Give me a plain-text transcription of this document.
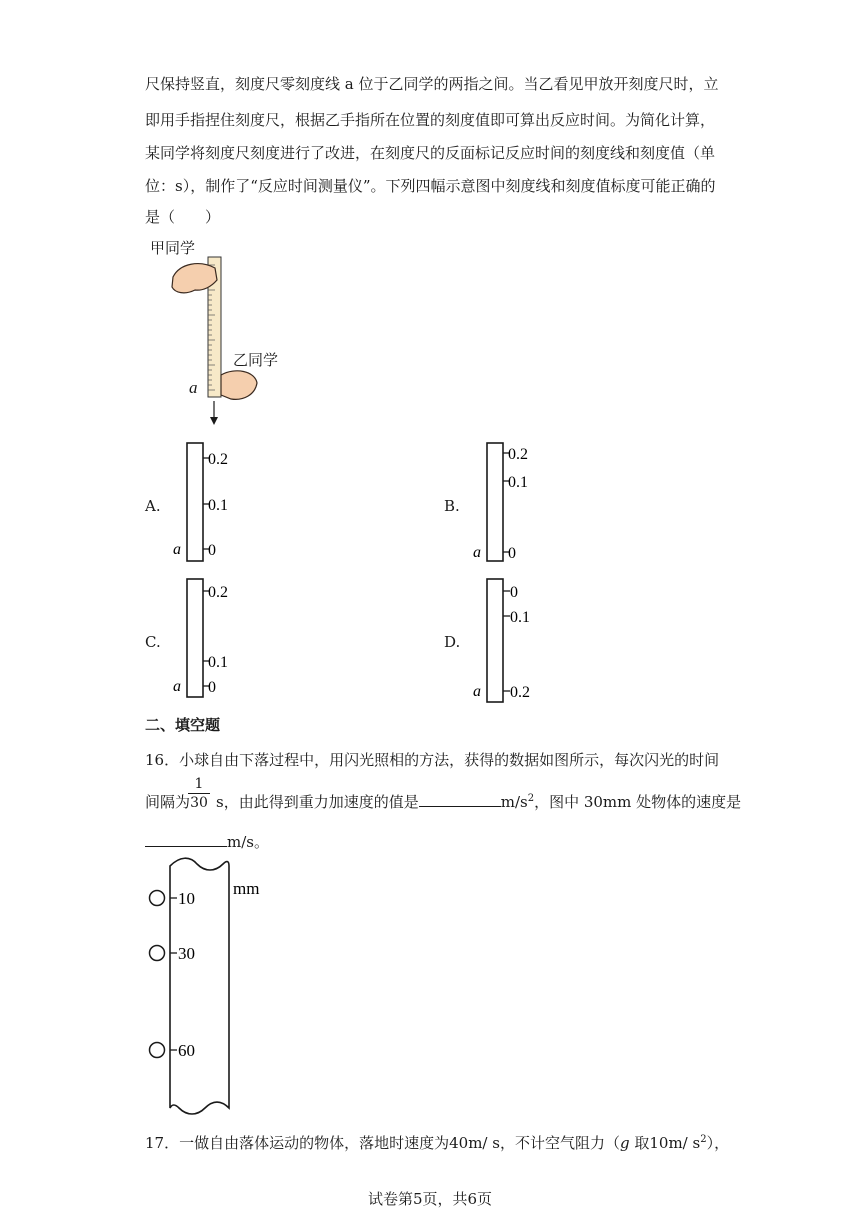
尺保持竖直，刻度尺零刻度线 a 位于乙同学的两指之间。当乙看见甲放开刻度尺时，立
即用手指捏住刻度尺，根据乙手指所在位置的刻度值即可算出反应时间。为简化计算，
某同学将刻度尺刻度进行了改进，在刻度尺的反面标记反应时间的刻度线和刻度值（单
位：s），制作了“反应时间测量仪”。下列四幅示意图中刻度线和刻度值标度可能正确的
是（　　）
甲同学
乙同学
a
A.
0.2
0.1
0
a
B.
0.2
0.1
0
a
C.
0.2
0.1
0
a
D.
0
0.1
0.2
a
二、填空题
16．小球自由下落过程中，用闪光照相的方法，获得的数据如图所示，每次闪光的时间
间隔为 s，由此得到重力加速度的值是	$m/s^2$，图中 30mm 处物体的速度是
1
30
m/s。
10
30
60
mm
17．一做自由落体运动的物体，落地时速度为40m/ s，不计空气阻力（g 取10m/ $s^2$），
试卷第5页，共6页
